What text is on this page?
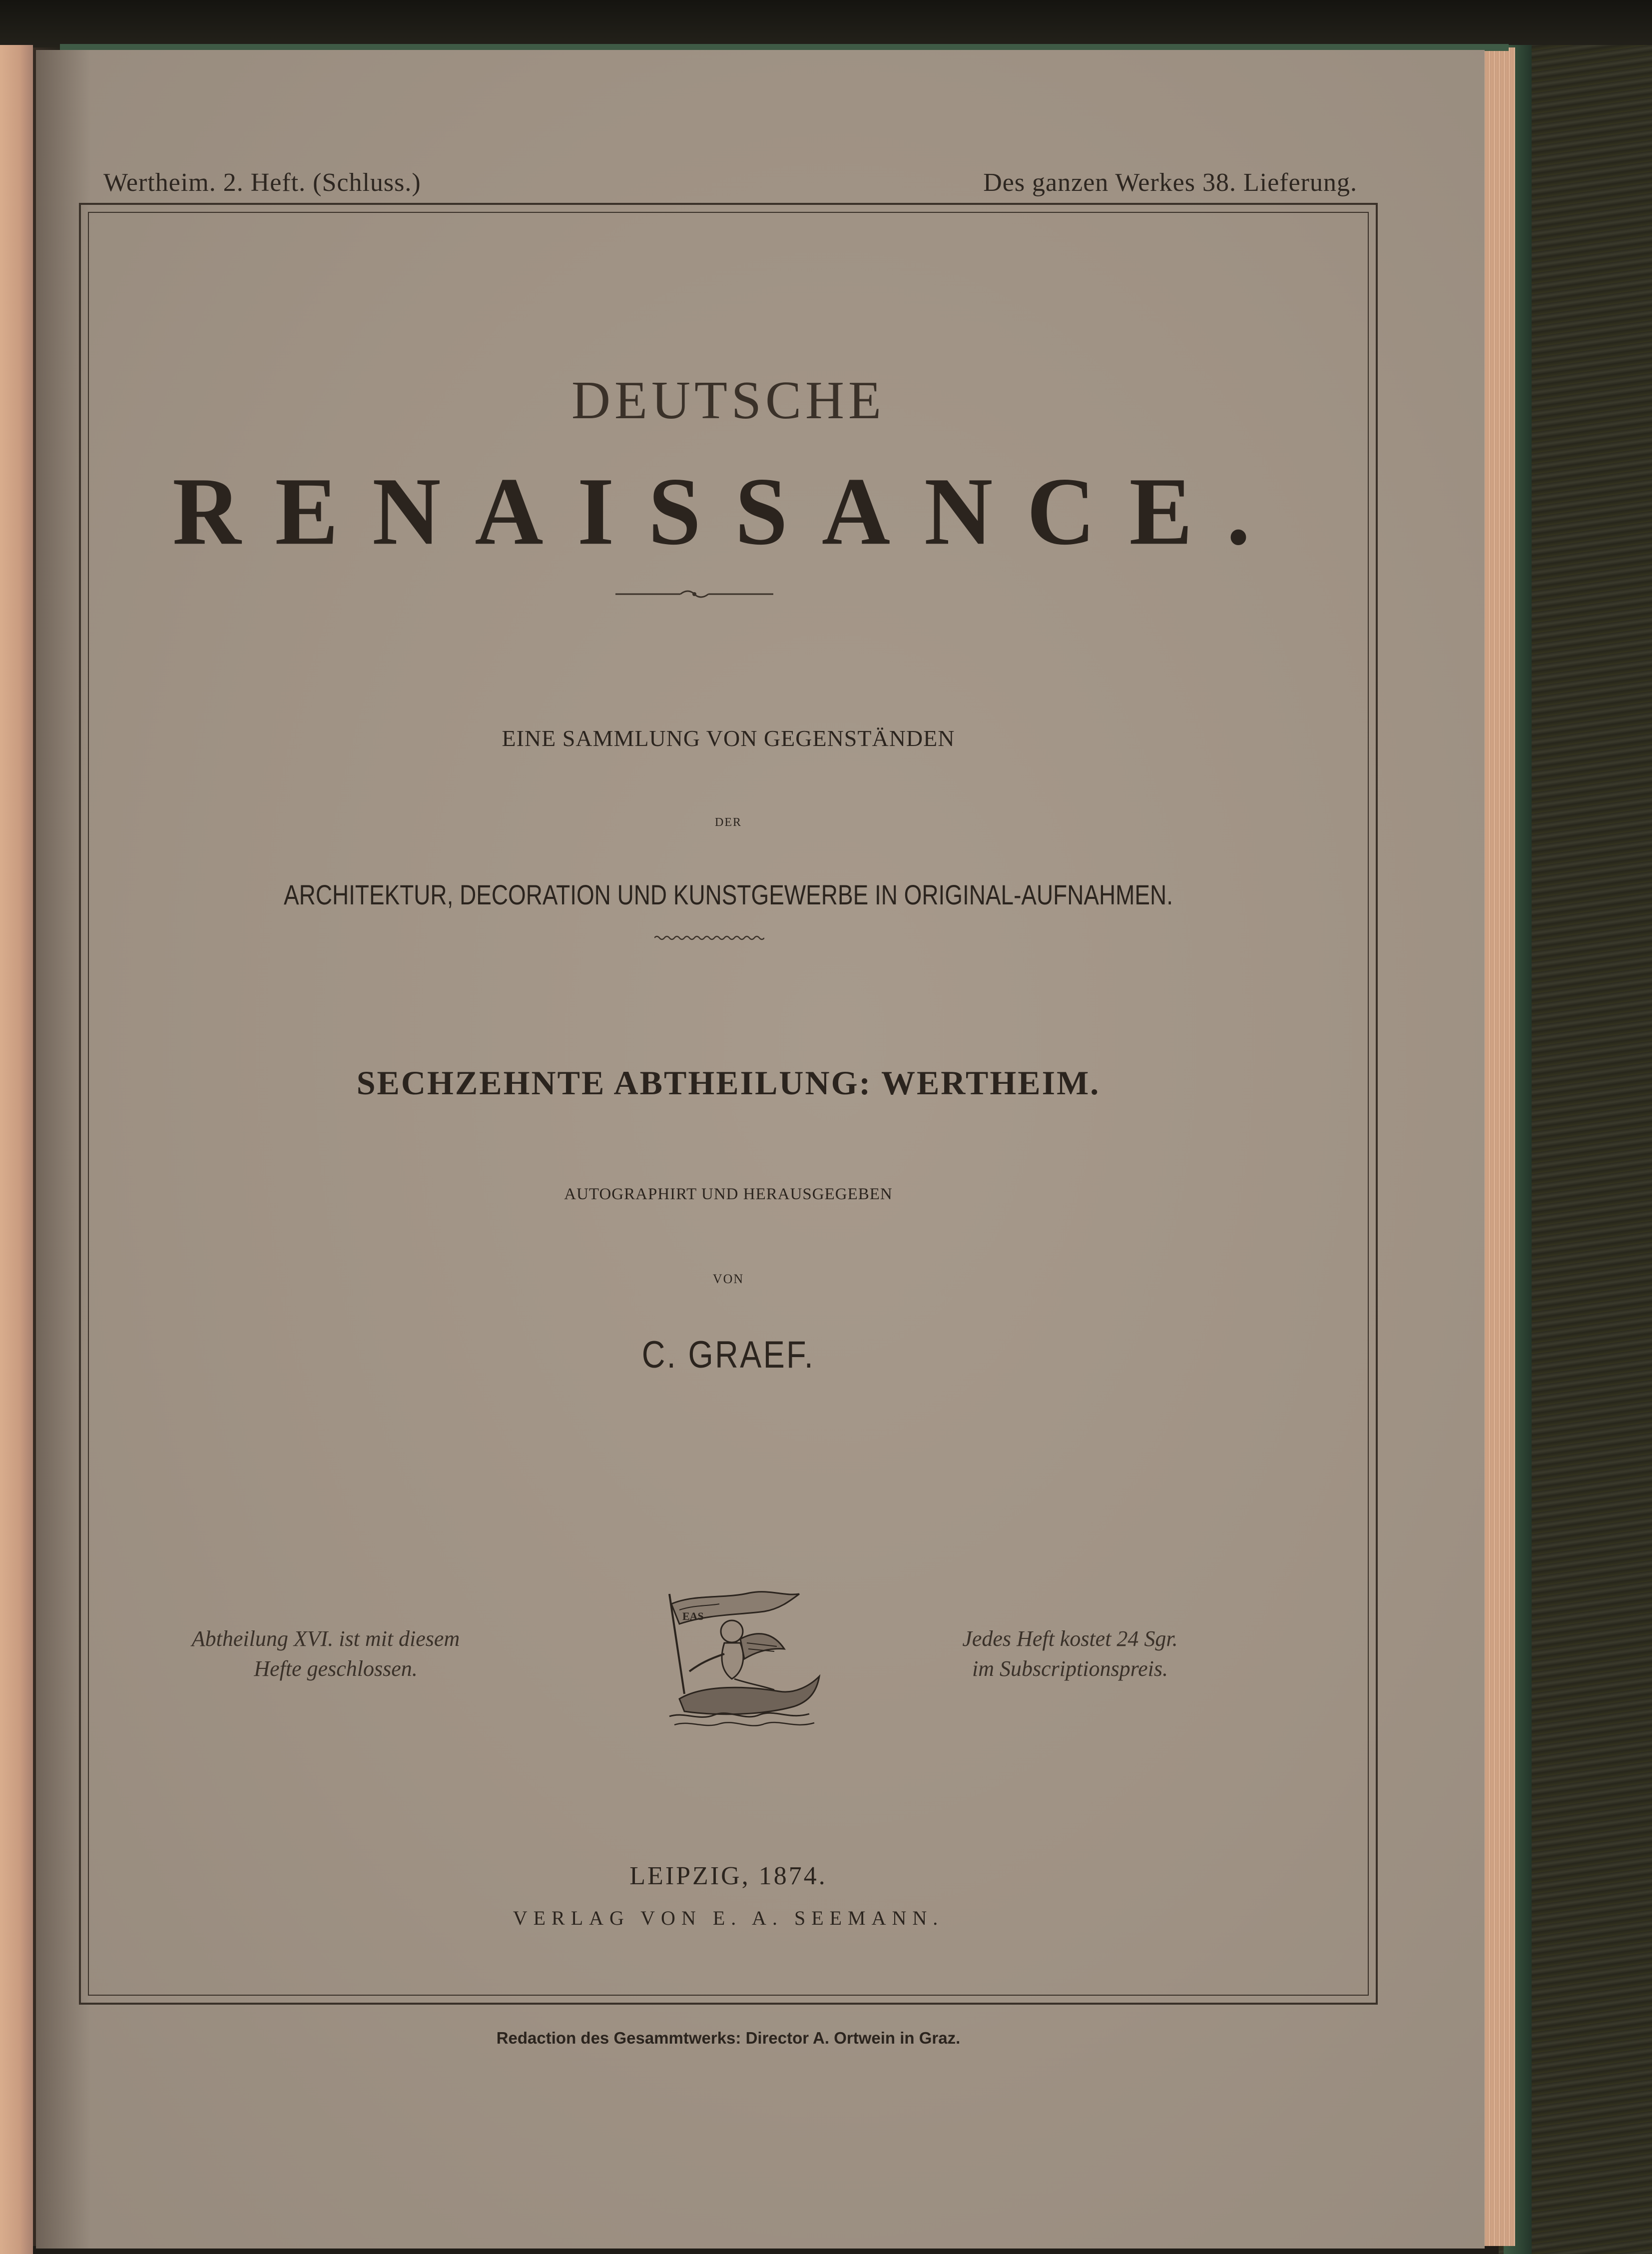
Wertheim. 2. Heft. (Schluss.)	Des ganzen Werkes 38. Lieferung.
DEUTSCHE
RENAISSANCE.
EINE SAMMLUNG VON GEGENSTÄNDEN
DER
ARCHITEKTUR, DECORATION UND KUNSTGEWERBE IN ORIGINAL-AUFNAHMEN.
SECHZEHNTE ABTHEILUNG: WERTHEIM.
AUTOGRAPHIRT UND HERAUSGEGEBEN
VON
C. GRAEF.
Abtheilung XVI. ist mit diesem
Hefte geschlossen.
EAS
Jedes Heft kostet 24 Sgr.
im Subscriptionspreis.
LEIPZIG, 1874.
VERLAG VON E. A. SEEMANN.
Redaction des Gesammtwerks: Director A. Ortwein in Graz.
